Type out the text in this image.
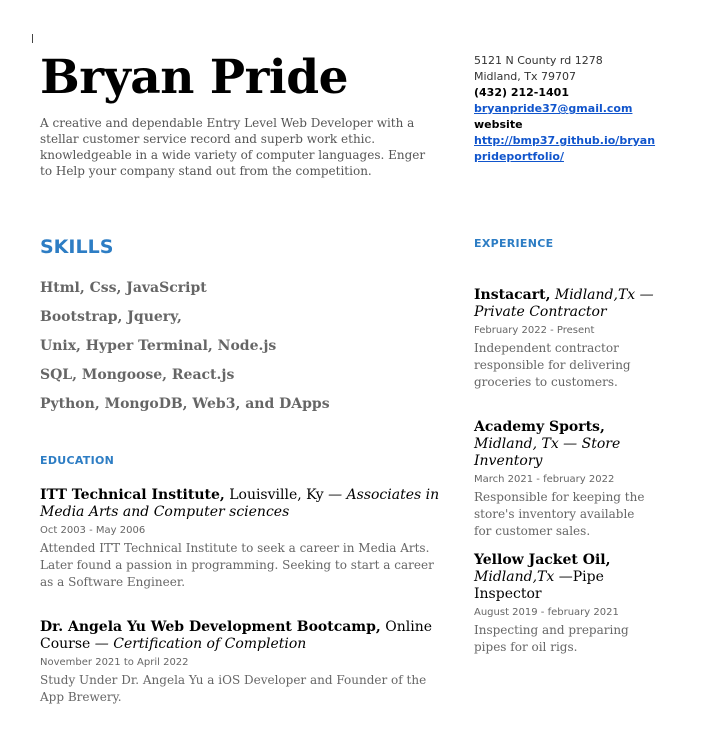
Bryan Pride

A creative and dependable Entry Level Web Developer with a stellar customer service record and superb work ethic. knowledgeable in a wide variety of computer languages. Enger to Help your company stand out from the competition.

5121 N County rd 1278
Midland, Tx 79707
(432) 212-1401
bryanpride37@gmail.com
website
http://bmp37.github.io/bryanprideportfolio/
SKILLS
Html, Css, JavaScript
Bootstrap, Jquery,
Unix, Hyper Terminal, Node.js
SQL, Mongoose, React.js
Python, MongoDB, Web3, and DApps
EDUCATION

ITT Technical Institute, Louisville, Ky — Associates in Media Arts and Computer sciences

Oct 2003 - May 2006
Attended ITT Technical Institute to seek a career in Media Arts. Later found a passion in programming. Seeking to start a career as a Software Engineer.

Dr. Angela Yu Web Development Bootcamp, Online Course — Certification of Completion

November 2021 to April 2022
Study Under Dr. Angela Yu a iOS Developer and Founder of the App Brewery.
EXPERIENCE

Instacart, Midland,Tx — Private Contractor

February 2022 - Present
Independent contractor responsible for delivering groceries to customers.

Academy Sports, Midland, Tx — Store Inventory

March 2021 - february 2022
Responsible for keeping the store's inventory available for customer sales.

Yellow Jacket Oil, Midland,Tx —Pipe Inspector

August 2019 - february 2021
Inspecting and preparing pipes for oil rigs.
